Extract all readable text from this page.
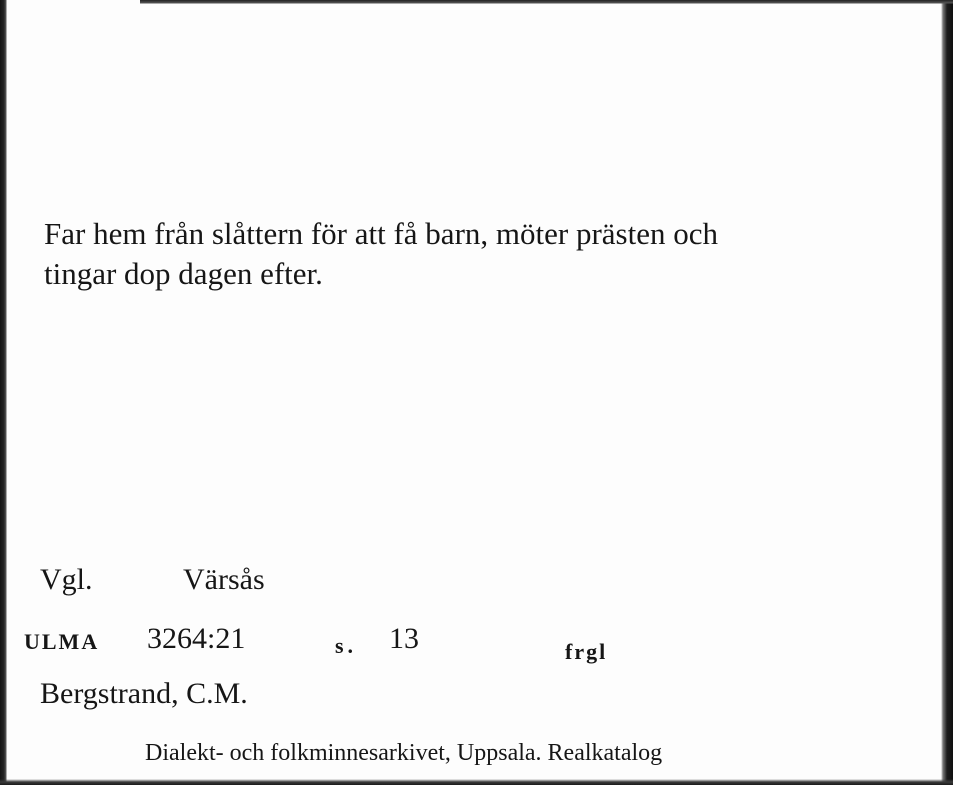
Far hem från slåttern för att få barn, möter prästen och
tingar dop dagen efter.

Vgl.	Värsås
ULMA 3264:21	s. 13	frgl
Bergstrand, C.M.
Dialekt- och folkminnesarkivet, Uppsala. Realkatalog
